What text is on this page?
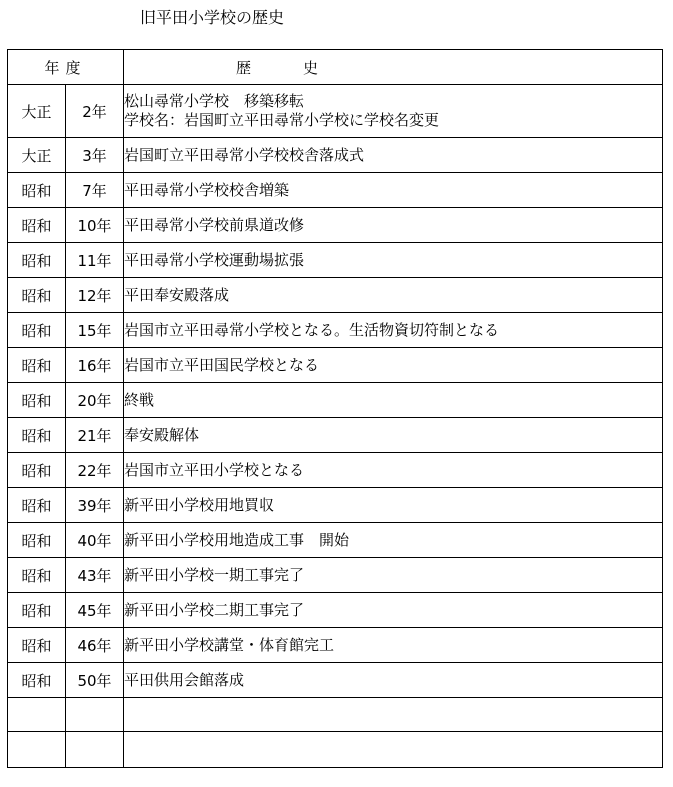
旧平田小学校の歴史
年度		歴 史
大正	2年	松山尋常小学校　移築移転
学校名：岩国町立平田尋常小学校に学校名変更

大正	3年	岩国町立平田尋常小学校校舎落成式

昭和	7年	平田尋常小学校校舎増築

昭和	10年	平田尋常小学校前県道改修

昭和	11年	平田尋常小学校運動場拡張

昭和	12年	平田奉安殿落成

昭和	15年	岩国市立平田尋常小学校となる。生活物資切符制となる

昭和	16年	岩国市立平田国民学校となる

昭和	20年	終戦

昭和	21年	奉安殿解体

昭和	22年	岩国市立平田小学校となる

昭和	39年	新平田小学校用地買収

昭和	40年	新平田小学校用地造成工事　開始

昭和	43年	新平田小学校一期工事完了

昭和	45年	新平田小学校二期工事完了

昭和	46年	新平田小学校講堂・体育館完工

昭和	50年	平田供用会館落成
